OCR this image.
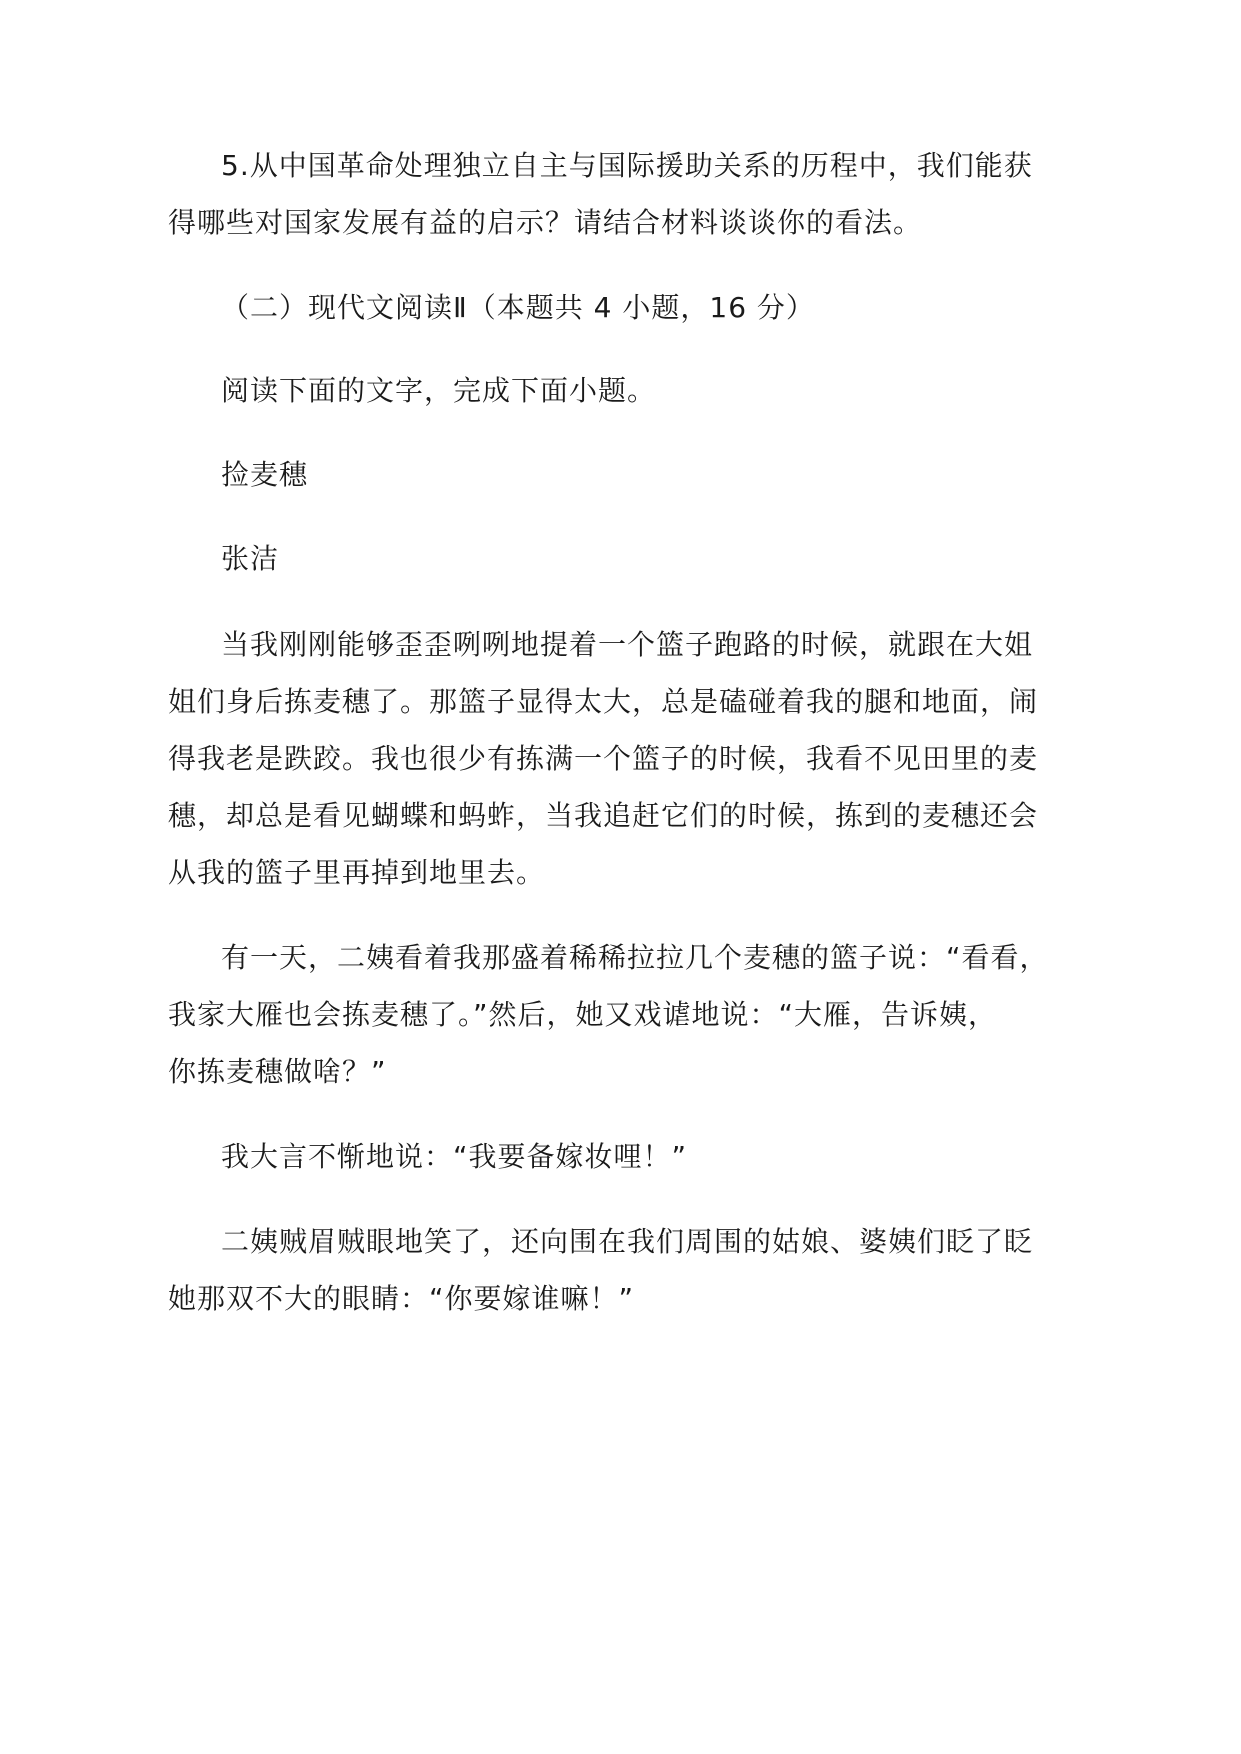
5.从中国革命处理独立自主与国际援助关系的历程中，我们能获
得哪些对国家发展有益的启示？请结合材料谈谈你的看法。
（二）现代文阅读Ⅱ（本题共 4 小题，16 分）
阅读下面的文字，完成下面小题。
捡麦穗
张洁
当我刚刚能够歪歪咧咧地提着一个篮子跑路的时候，就跟在大姐
姐们身后拣麦穗了。那篮子显得太大，总是磕碰着我的腿和地面，闹
得我老是跌跤。我也很少有拣满一个篮子的时候，我看不见田里的麦
穗，却总是看见蝴蝶和蚂蚱，当我追赶它们的时候，拣到的麦穗还会
从我的篮子里再掉到地里去。
有一天，二姨看着我那盛着稀稀拉拉几个麦穗的篮子说：“看看，
我家大雁也会拣麦穗了。”然后，她又戏谑地说：“大雁，告诉姨，
你拣麦穗做啥？”
我大言不惭地说：“我要备嫁妆哩！”
二姨贼眉贼眼地笑了，还向围在我们周围的姑娘、婆姨们眨了眨
她那双不大的眼睛：“你要嫁谁嘛！”
